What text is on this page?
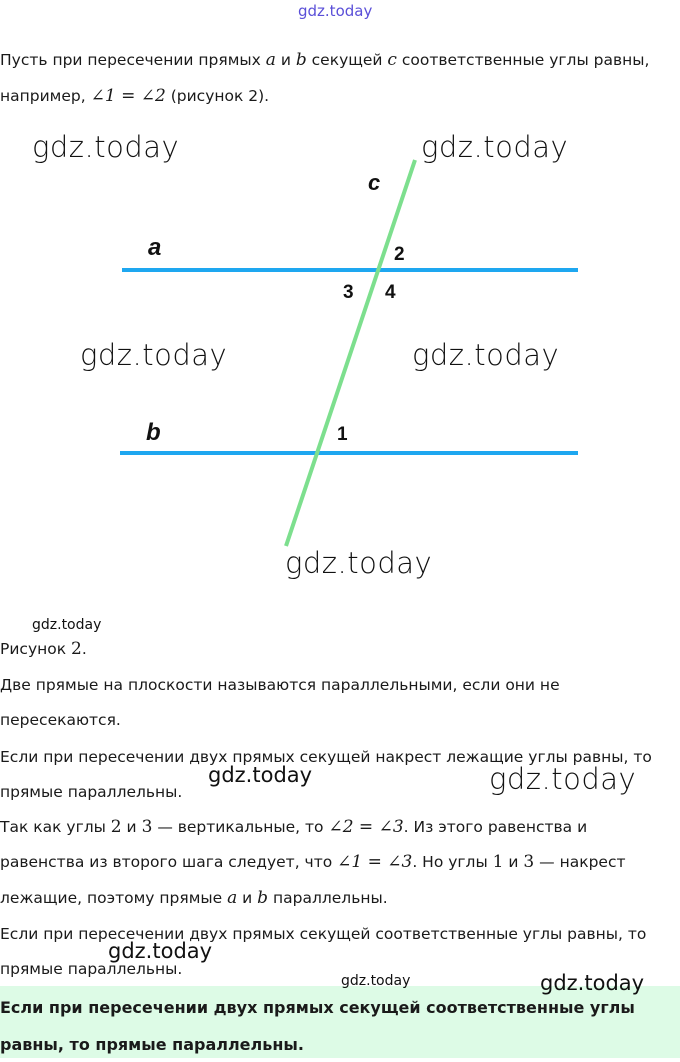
gdz.today

Пусть при пересечении прямых a и b секущей c соответственные углы равны,

например, ∠1 = ∠2 (рисунок 2).

c
a
b
2
3 4
1
gdz.today	gdz.today
gdz.today	gdz.today
gdz.today
gdz.today

Рисунок 2.

Две прямые на плоскости называются параллельными, если они не

пересекаются.

Если при пересечении двух прямых секущей накрест лежащие углы равны, то

прямые параллельны.

gdz.today	gdz.today

Так как углы 2 и 3 — вертикальные, то ∠2 = ∠3. Из этого равенства и

равенства из второго шага следует, что ∠1 = ∠3. Но углы 1 и 3 — накрест

лежащие, поэтому прямые a и b параллельны.

Если при пересечении двух прямых секущей соответственные углы равны, то

прямые параллельны.

gdz.today

Если при пересечении двух прямых секущей соответственные углы

равны, то прямые параллельны.

gdz.today	gdz.today
